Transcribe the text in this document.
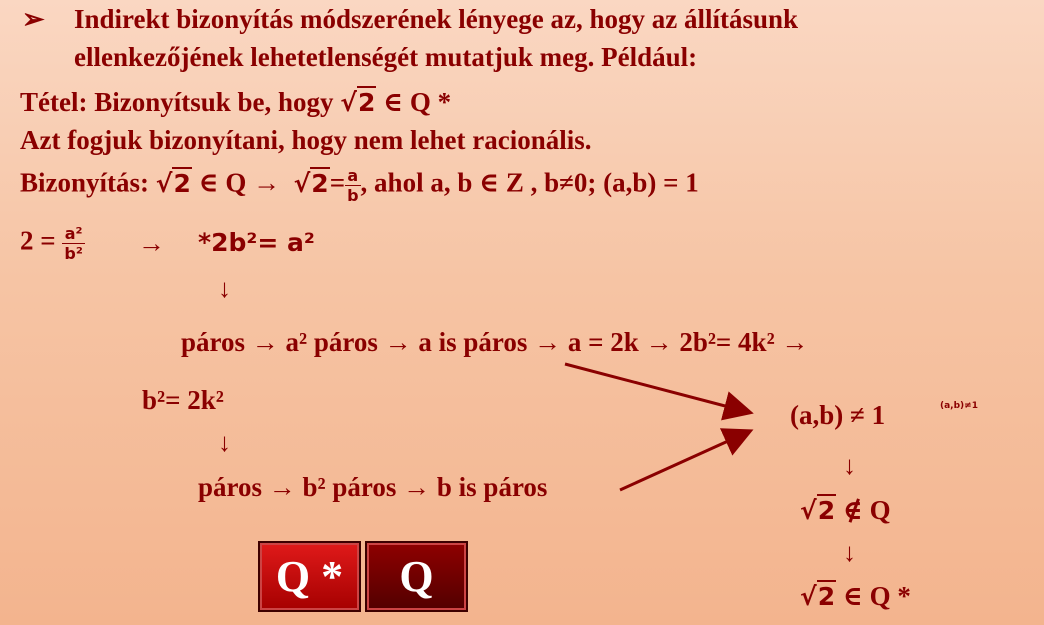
➢ Indirekt bizonyítás módszerének lényege az, hogy az állításunk
ellenkezőjének lehetetlenségét mutatjuk meg. Például:
Tétel: Bizonyítsuk be, hogy √2 ∈ Q *
Azt fogjuk bizonyítani, hogy nem lehet racionális.
Bizonyítás: √2 ∈ $Q \to √2= \frac{a}{b}$ , ahol a, b ∈ Z , b≠0; (a,b) = 1
$2 = \frac{\text{a²}}{\text{b²}} \to *2b^2= a^2$
↓
páros → a² páros → a is páros → a = 2k → 2b²= 4k² →
b²= 2k²
↓
páros → b² páros → b is páros
(a,b) ≠ 1	(a,b)≠1
↓
√2 ∉ Q
↓
√2 ∈ Q *
Q *	Q
